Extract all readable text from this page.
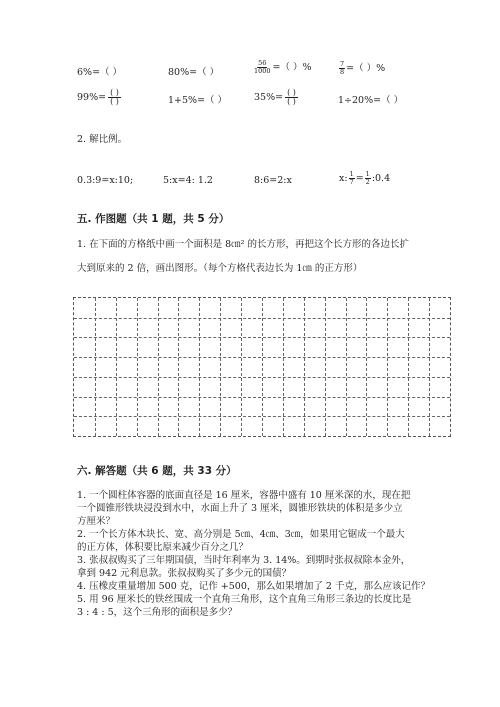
6%=（ ）	80%=（ ）	$\frac{56}{1000}$ =（ ）%	$\frac{7}{8}$ =（ ）%
$99\%= \frac{( )}{( )}$	1+5%=（ ）	$35\%= \frac{( )}{( )}$	1÷20%=（ ）
2. 解比例。
0.3:9=x:10;	5:x=4: 1.2	8:6=2:x	x: $\frac{1}{7} = \frac{1}{2}$ :0.4
五. 作图题（共 1 题，共 5 分）
1. 在下面的方格纸中画一个面积是 8㎝² 的长方形，再把这个长方形的各边长扩
大到原来的 2 倍，画出图形。（每个方格代表边长为 1㎝ 的正方形）
六. 解答题（共 6 题，共 33 分）
1. 一个圆柱体容器的底面直径是 16 厘米，容器中盛有 10 厘米深的水，现在把
一个圆锥形铁块浸没到水中，水面上升了 3 厘米，圆锥形铁块的体积是多少立
方厘米？
2. 一个长方体木块长、宽、高分别是 5㎝、4㎝、3㎝，如果用它锯成一个最大
的正方体，体积要比原来减少百分之几？
3. 张叔叔购买了三年期国债，当时年利率为 3. 14%。到期时张叔叔除本金外，
拿到 942 元利息款。张叔叔购买了多少元的国债？
4. 压橡皮重量增加 500 克，记作 +500，那么如果增加了 2 千克，那么应该记作？
5. 用 96 厘米长的铁丝围成一个直角三角形，这个直角三角形三条边的长度比是
3 : 4 : 5，这个三角形的面积是多少？
